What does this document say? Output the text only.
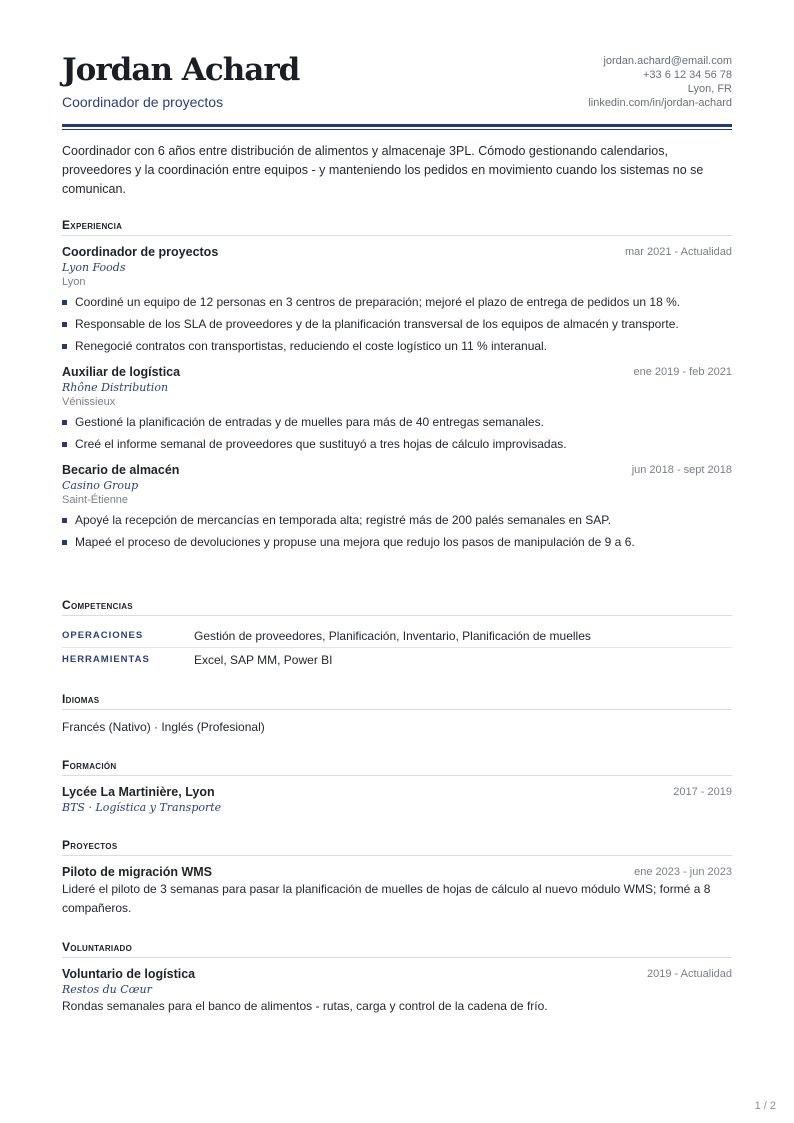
Jordan Achard
Coordinador de proyectos
jordan.achard@email.com
+33 6 12 34 56 78
Lyon, FR
linkedin.com/in/jordan-achard
Coordinador con 6 años entre distribución de alimentos y almacenaje 3PL. Cómodo gestionando calendarios, proveedores y la coordinación entre equipos - y manteniendo los pedidos en movimiento cuando los sistemas no se comunican.
Experiencia
Coordinador de proyectos	mar 2021 - Actualidad
Lyon Foods
Lyon
Coordiné un equipo de 12 personas en 3 centros de preparación; mejoré el plazo de entrega de pedidos un 18 %.
Responsable de los SLA de proveedores y de la planificación transversal de los equipos de almacén y transporte.
Renegocié contratos con transportistas, reduciendo el coste logístico un 11 % interanual.
Auxiliar de logística	ene 2019 - feb 2021
Rhône Distribution
Vénissieux
Gestioné la planificación de entradas y de muelles para más de 40 entregas semanales.
Creé el informe semanal de proveedores que sustituyó a tres hojas de cálculo improvisadas.
Becario de almacén	jun 2018 - sept 2018
Casino Group
Saint-Étienne
Apoyé la recepción de mercancías en temporada alta; registré más de 200 palés semanales en SAP.
Mapeé el proceso de devoluciones y propuse una mejora que redujo los pasos de manipulación de 9 a 6.
Competencias
OPERACIONES	Gestión de proveedores, Planificación, Inventario, Planificación de muelles
HERRAMIENTAS	Excel, SAP MM, Power BI
Idiomas
Francés (Nativo) · Inglés (Profesional)
Formación
Lycée La Martinière, Lyon	2017 - 2019
BTS · Logística y Transporte
Proyectos
Piloto de migración WMS	ene 2023 - jun 2023
Lideré el piloto de 3 semanas para pasar la planificación de muelles de hojas de cálculo al nuevo módulo WMS; formé a 8 compañeros.
Voluntariado
Voluntario de logística	2019 - Actualidad
Restos du Cœur
Rondas semanales para el banco de alimentos - rutas, carga y control de la cadena de frío.
1 / 2
